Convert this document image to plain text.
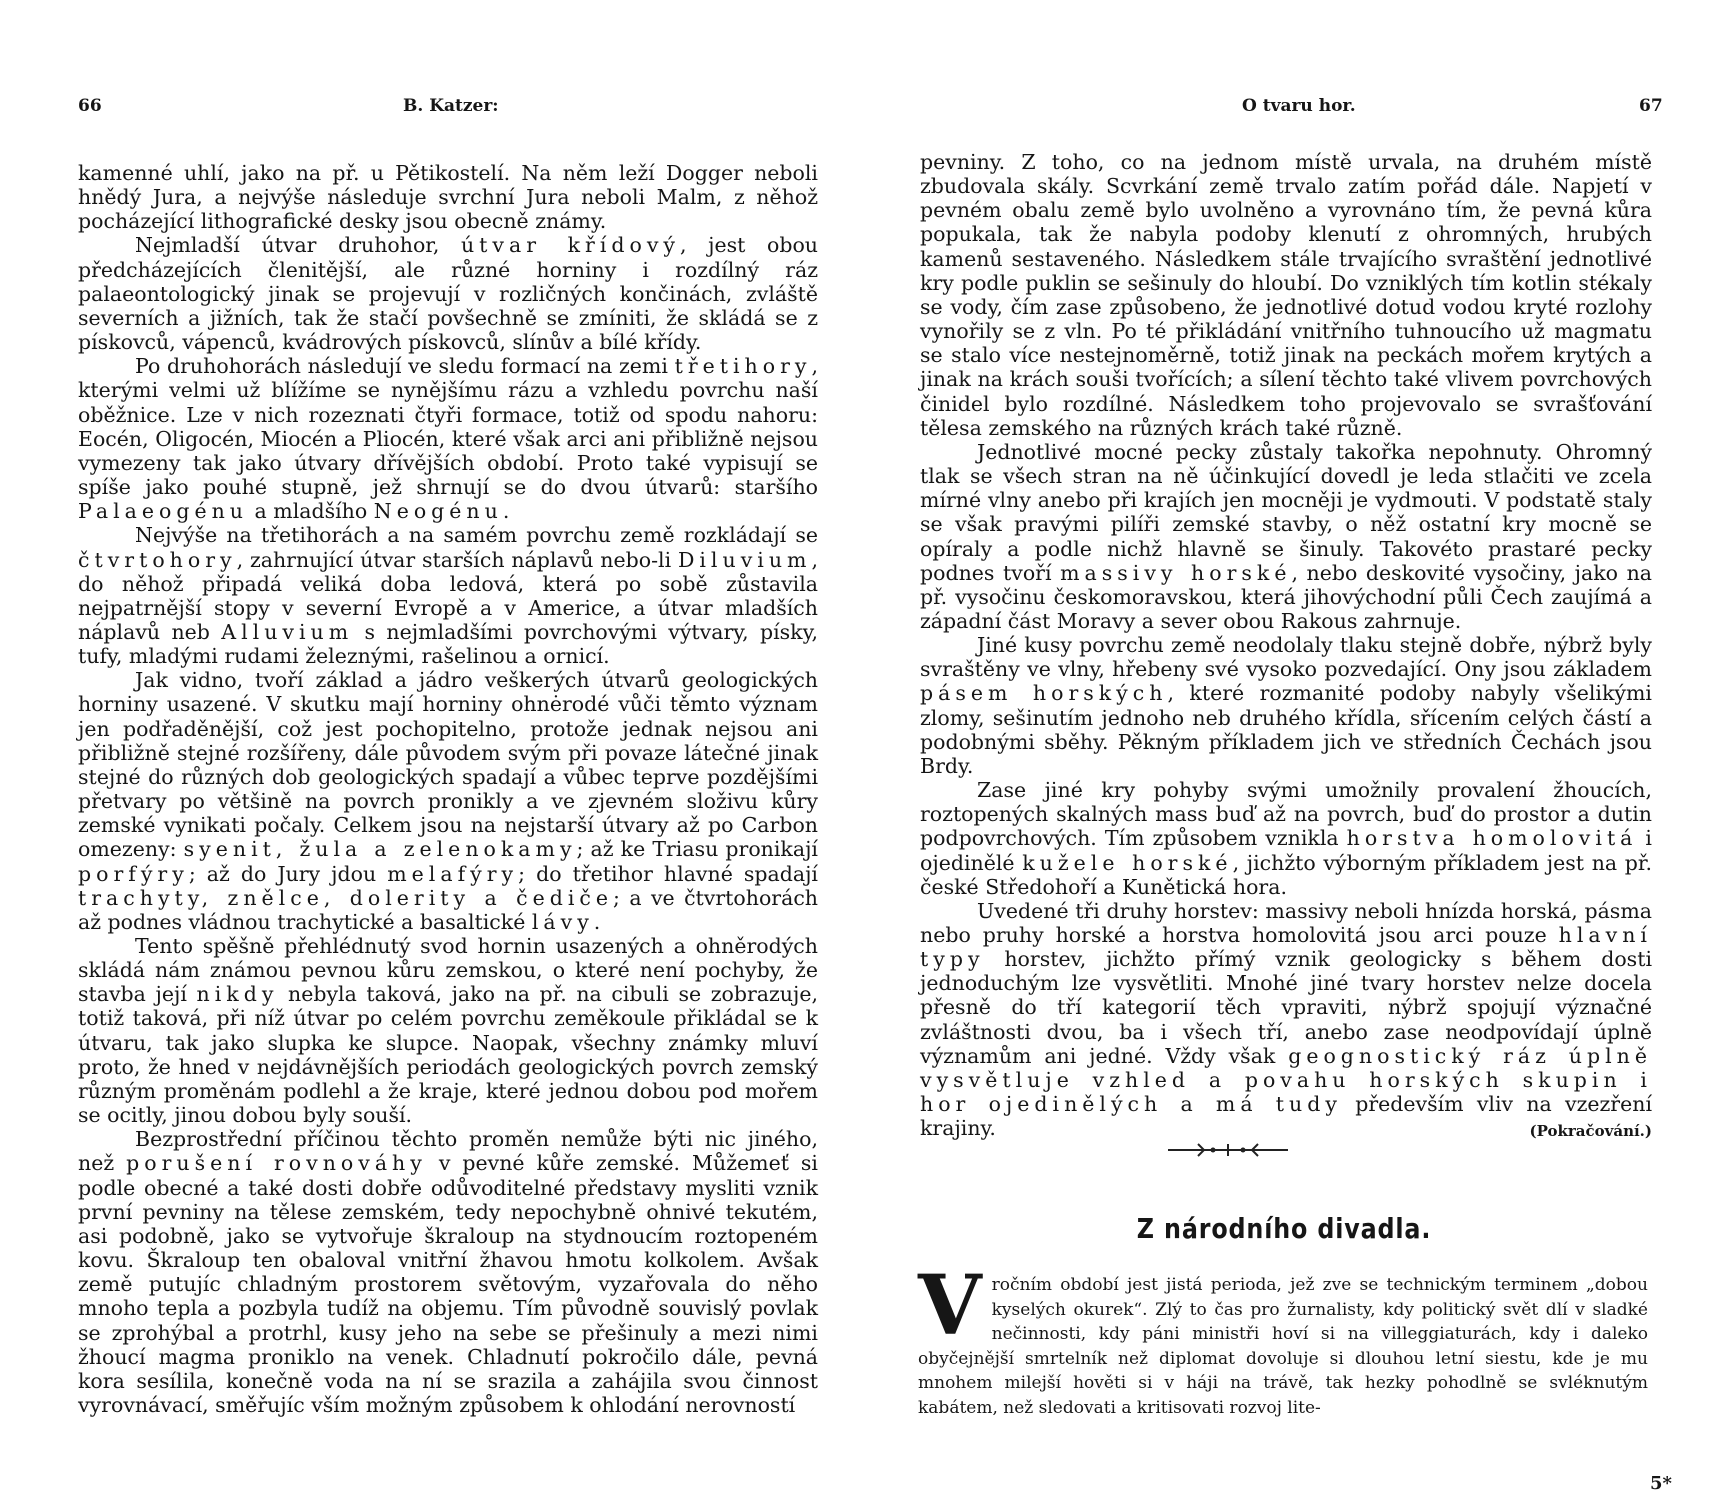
66	B. Katzer:

kamenné uhlí, jako na př. u Pětikostelí. Na něm leží Dogger neboli hnědý Jura, a nejvýše následuje svrchní Jura neboli Malm, z něhož pocházející lithografické desky jsou obecně známy.

Nejmladší útvar druhohor, útvar křídový, jest obou předcházejících členitější, ale různé horniny i rozdílný ráz palaeontologický jinak se projevují v rozličných končinách, zvláště severních a jižních, tak že stačí povšechně se zmíniti, že skládá se z pískovců, vápenců, kvádrových pískovců, slínův a bílé křídy.

Po druhohorách následují ve sledu formací na zemi třetihory, kterými velmi už blížíme se nynějšímu rázu a vzhledu povrchu naší oběžnice. Lze v nich rozeznati čtyři formace, totiž od spodu nahoru: Eocén, Oligocén, Miocén a Pliocén, které však arci ani přibližně nejsou vymezeny tak jako útvary dřívějších období. Proto také vypisují se spíše jako pouhé stupně, jež shrnují se do dvou útvarů: staršího Palaeogénu a mladšího Neogénu.

Nejvýše na třetihorách a na samém povrchu země rozkládají se čtvrtohory, zahrnující útvar starších náplavů nebo-li Diluvium, do něhož připadá veliká doba ledová, která po sobě zůstavila nejpatrnější stopy v severní Evropě a v Americe, a útvar mladších náplavů neb Alluvium s nejmladšími povrchovými výtvary, písky, tufy, mladými rudami železnými, rašelinou a ornicí.

Jak vidno, tvoří základ a jádro veškerých útvarů geologických horniny usazené. V skutku mají horniny ohnėrodé vůči těmto význam jen podřaděnější, což jest pochopitelno, protože jednak nejsou ani přibližně stejné rozšířeny, dále původem svým při povaze látečné jinak stejné do různých dob geologických spadají a vůbec teprve pozdějšími přetvary po většině na povrch pronikly a ve zjevném složivu kůry zemské vynikati počaly. Celkem jsou na nejstarší útvary až po Carbon omezeny: syenit, žula a zelenokamy; až ke Triasu pronikají porfýry; až do Jury jdou melafýry; do třetihor hlavné spadají trachyty, znělce, dolerity a čediče; a ve čtvrtohorách až podnes vládnou trachytické a basaltické lávy.

Tento spěšně přehlédnutý svod hornin usazených a ohněrodých skládá nám známou pevnou kůru zemskou, o které není pochyby, že stavba její nikdy nebyla taková, jako na př. na cibuli se zobrazuje, totiž taková, při níž útvar po celém povrchu zeměkoule přikládal se k útvaru, tak jako slupka ke slupce. Naopak, všechny známky mluví proto, že hned v nejdávnějších periodách geologických povrch zemský různým proměnám podlehl a že kraje, které jednou dobou pod mořem se ocitly, jinou dobou byly souší.

Bezprostřední příčinou těchto proměn nemůže býti nic jiného, než porušení rovnováhy v pevné kůře zemské. Můžemeť si podle obecné a také dosti dobře odůvoditelné představy mysliti vznik první pevniny na tělese zemském, tedy nepochybně ohnivé tekutém, asi podobně, jako se vytvořuje škraloup na stydnoucím roztopeném kovu. Škraloup ten obaloval vnitřní žhavou hmotu kolkolem. Avšak země putujíc chladným prostorem světovým, vyzařovala do něho mnoho tepla a pozbyla tudíž na objemu. Tím původně souvislý povlak se zprohýbal a protrhl, kusy jeho na sebe se přešinuly a mezi nimi žhoucí magma proniklo na venek. Chladnutí pokročilo dále, pevná kora sesílila, konečně voda na ní se srazila a zahájila svou činnost vyrovnávací, směřujíc vším možným způsobem k ohlodání nerovností

O tvaru hor.	67

pevniny. Z toho, co na jednom místě urvala, na druhém místě zbudovala skály. Scvrkání země trvalo zatím pořád dále. Napjetí v pevném obalu země bylo uvolněno a vyrovnáno tím, že pevná kůra popukala, tak že nabyla podoby klenutí z ohromných, hrubých kamenů sestaveného. Následkem stále trvajícího svraštění jednotlivé kry podle puklin se sešinuly do hloubí. Do vzniklých tím kotlin stékaly se vody, čím zase způsobeno, že jednotlivé dotud vodou kryté rozlohy vynořily se z vln. Po té přikládání vnitřního tuhnoucího už magmatu se stalo více nestejnoměrně, totiž jinak na peckách mořem krytých a jinak na krách souši tvořících; a sílení těchto také vlivem povrchových činidel bylo rozdílné. Následkem toho projevovalo se svrašťování tělesa zemského na různých krách také různě.

Jednotlivé mocné pecky zůstaly takořka nepohnuty. Ohromný tlak se všech stran na ně účinkující dovedl je leda stlačiti ve zcela mírné vlny anebo při krajích jen mocněji je vydmouti. V podstatě staly se však pravými pilíři zemské stavby, o něž ostatní kry mocně se opíraly a podle nichž hlavně se šinuly. Takovéto prastaré pecky podnes tvoří massivy horské, nebo deskovité vysočiny, jako na př. vysočinu českomoravskou, která jihovýchodní půli Čech zaujímá a západní část Moravy a sever obou Rakous zahrnuje.

Jiné kusy povrchu země neodolaly tlaku stejně dobře, nýbrž byly svraštěny ve vlny, hřebeny své vysoko pozvedající. Ony jsou základem pásem horských, které rozmanité podoby nabyly všelikými zlomy, sešinutím jednoho neb druhého křídla, sřícením celých částí a podobnými sběhy. Pěkným příkladem jich ve středních Čechách jsou Brdy.

Zase jiné kry pohyby svými umožnily provalení žhoucích, roztopených skalných mass buď až na povrch, buď do prostor a dutin podpovrchových. Tím způsobem vznikla horstva homolovitá i ojedinělé kužele horské, jichžto výborným příkladem jest na př. české Středohoří a Kunětická hora.

Uvedené tři druhy horstev: massivy neboli hnízda horská, pásma nebo pruhy horské a horstva homolovitá jsou arci pouze hlavní typy horstev, jichžto přímý vznik geologicky s během dosti jednoduchým lze vysvětliti. Mnohé jiné tvary horstev nelze docela přesně do tří kategorií těch vpraviti, nýbrž spojují význačné zvláštnosti dvou, ba i všech tří, anebo zase neodpovídají úplně významům ani jedné. Vždy však geognostický ráz úplně vysvětluje vzhled a povahu horských skupin i hor ojedinělých a má tudy především vliv na vzezření krajiny.	(Pokračování.)

Z národního divadla.
V ročním období jest jistá perioda, jež zve se technickým terminem „dobou kyselých okurek“. Zlý to čas pro žurnalisty, kdy politický svět dlí v sladké nečinnosti, kdy páni ministři hoví si na villeggiaturách, kdy i daleko obyčejnější smrtelník než diplomat dovoluje si dlouhou letní siestu, kde je mu mnohem milejší hověti si v háji na trávě, tak hezky pohodlně se svléknutým kabátem, než sledovati a kritisovati rozvoj lite-
5*
